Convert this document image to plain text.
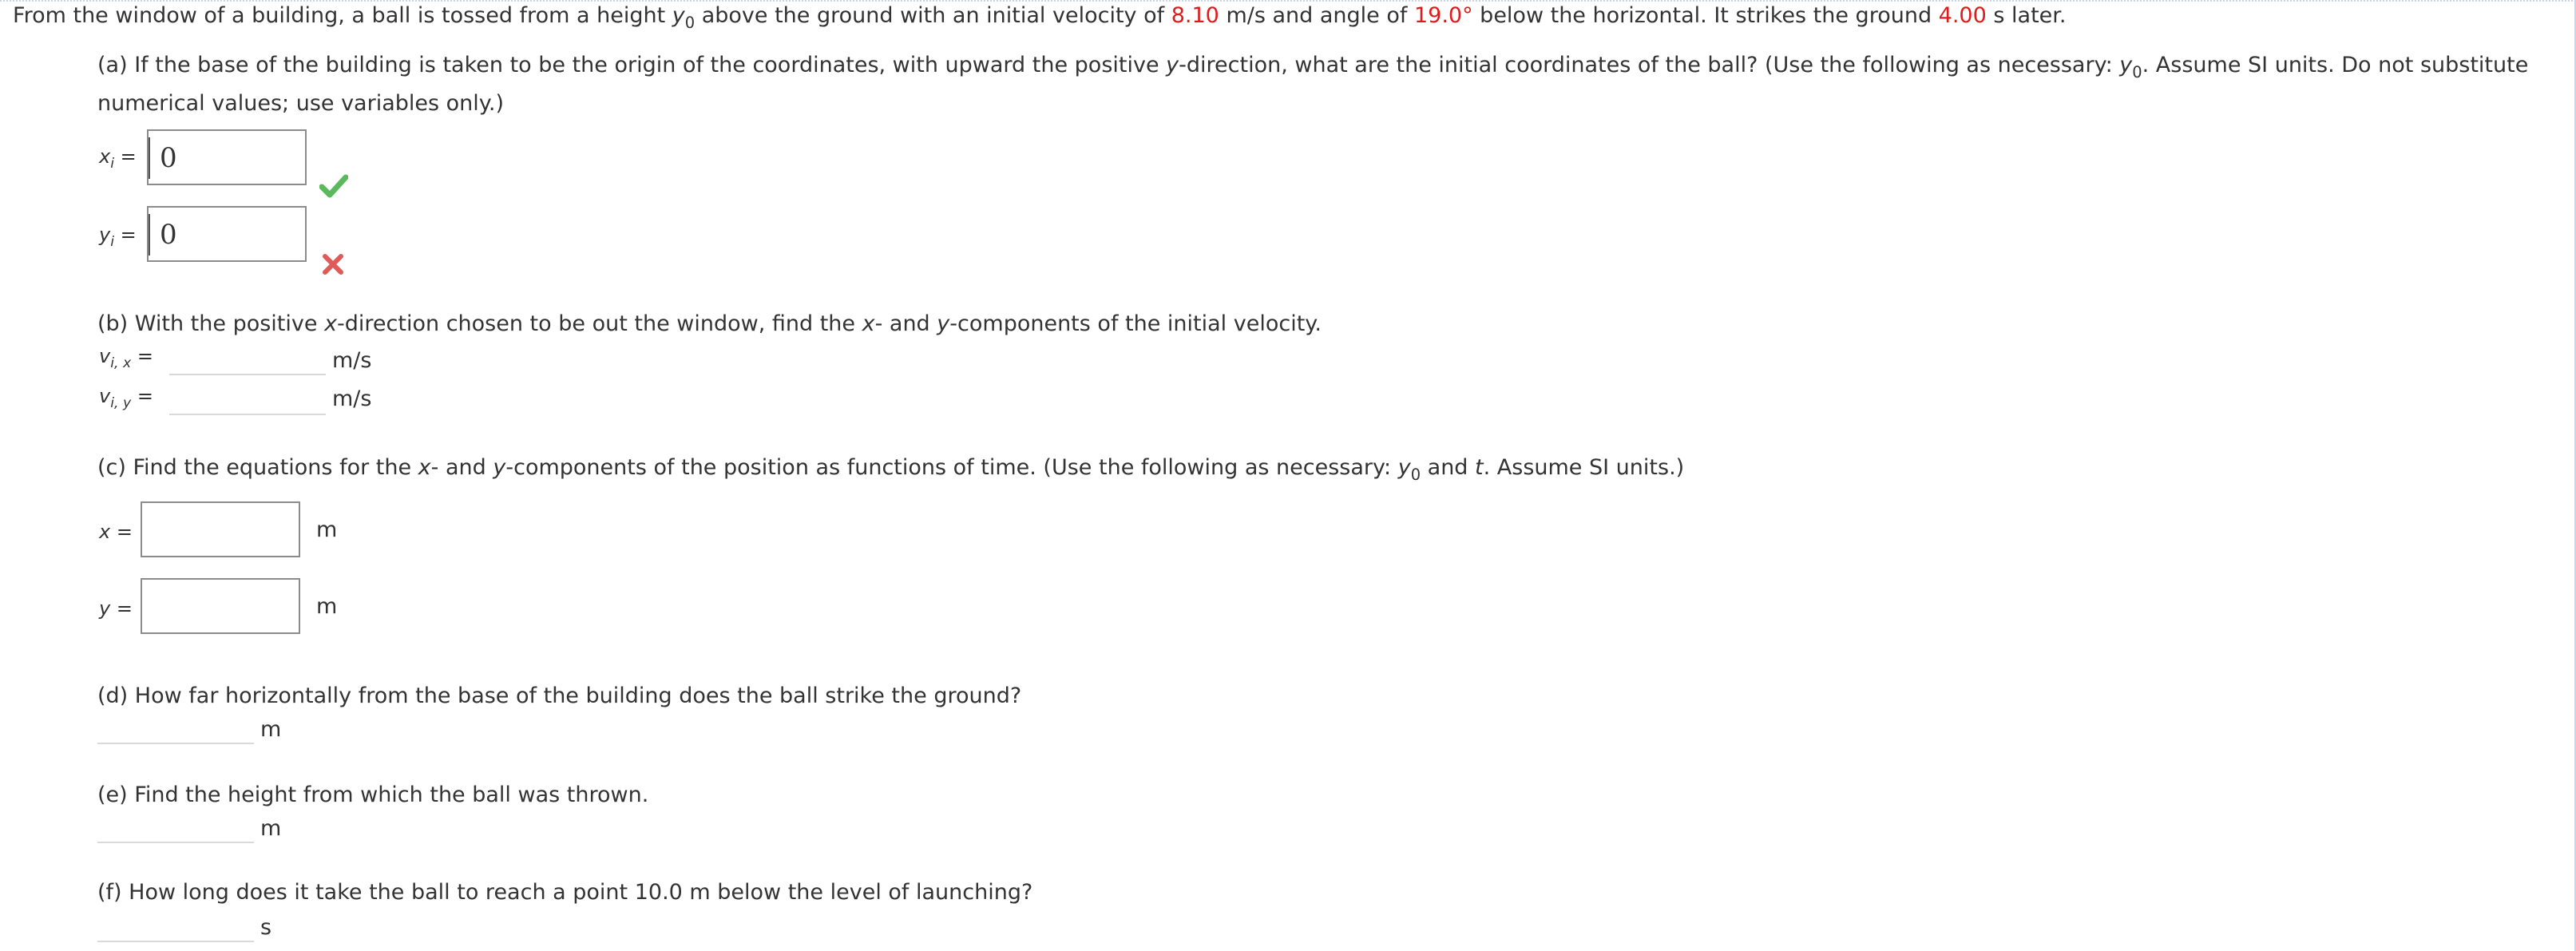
From the window of a building, a ball is tossed from a height $y_0$ above the ground with an initial velocity of 8.10 m/s and angle of 19.0° below the horizontal. It strikes the ground 4.00 s later.
(a) If the base of the building is taken to be the origin of the coordinates, with upward the positive y-direction, what are the initial coordinates of the ball? (Use the following as necessary: $y_0$. Assume SI units. Do not substitute
numerical values; use variables only.)
$x_i = 0$
$y_i = 0$
(b) With the positive x-direction chosen to be out the window, find the x- and y-components of the initial velocity.
$v_{i, x}$ =	m/s
$v_{i, y}$ =	m/s
(c) Find the equations for the x- and y-components of the position as functions of time. (Use the following as necessary: $y_0$ and t. Assume SI units.)
x =	m
y =	m
(d) How far horizontally from the base of the building does the ball strike the ground?
m
(e) Find the height from which the ball was thrown.
m
(f) How long does it take the ball to reach a point 10.0 m below the level of launching?
s
